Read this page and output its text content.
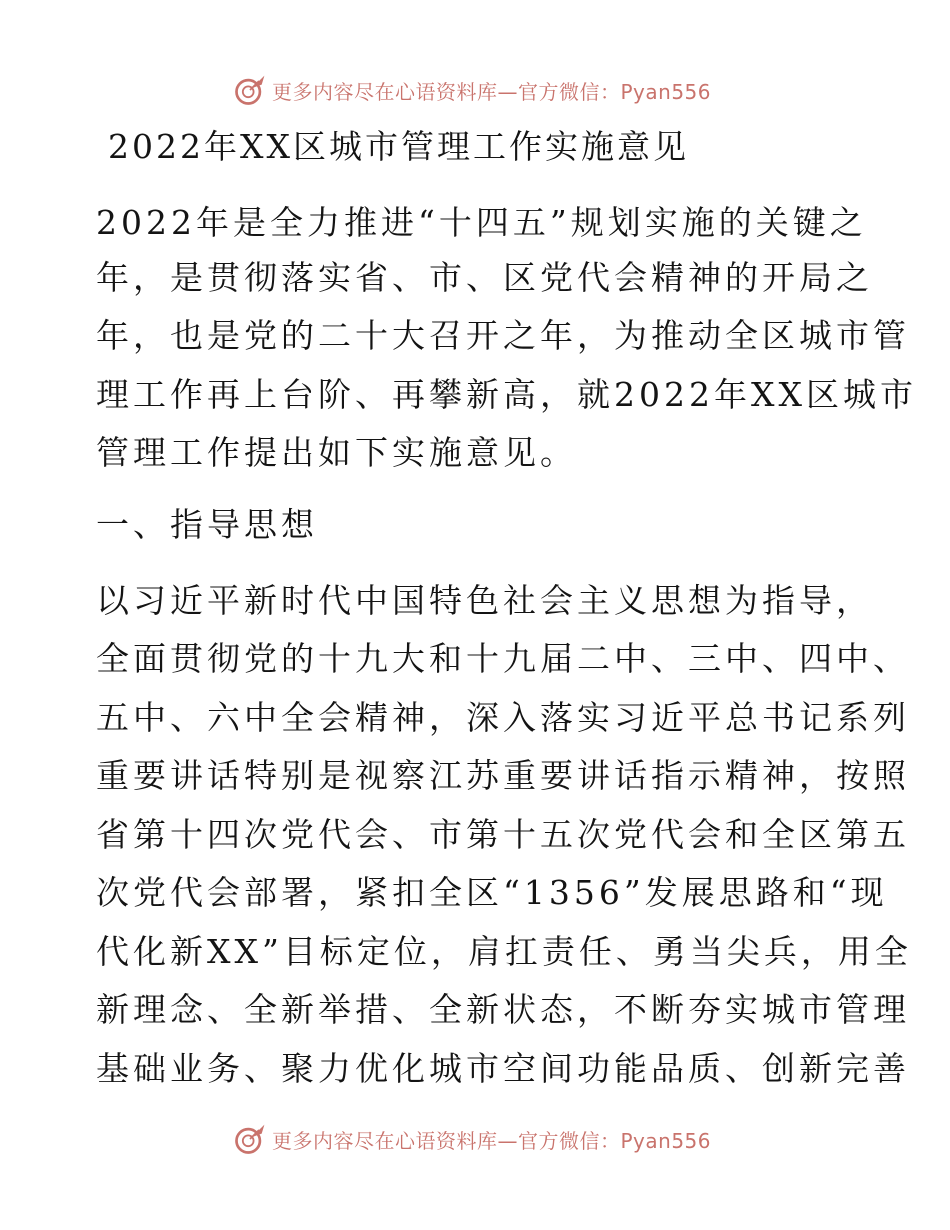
更多内容尽在心语资料库—官方微信：Pyan556
2022年XX区城市管理工作实施意见
2022年是全力推进“十四五”规划实施的关键之
年，是贯彻落实省、市、区党代会精神的开局之
年，也是党的二十大召开之年，为推动全区城市管
理工作再上台阶、再攀新高，就2022年XX区城市
管理工作提出如下实施意见。
一、指导思想
以习近平新时代中国特色社会主义思想为指导，
全面贯彻党的十九大和十九届二中、三中、四中、
五中、六中全会精神，深入落实习近平总书记系列
重要讲话特别是视察江苏重要讲话指示精神，按照
省第十四次党代会、市第十五次党代会和全区第五
次党代会部署，紧扣全区“1356”发展思路和“现
代化新XX”目标定位，肩扛责任、勇当尖兵，用全
新理念、全新举措、全新状态，不断夯实城市管理
基础业务、聚力优化城市空间功能品质、创新完善
更多内容尽在心语资料库—官方微信：Pyan556
